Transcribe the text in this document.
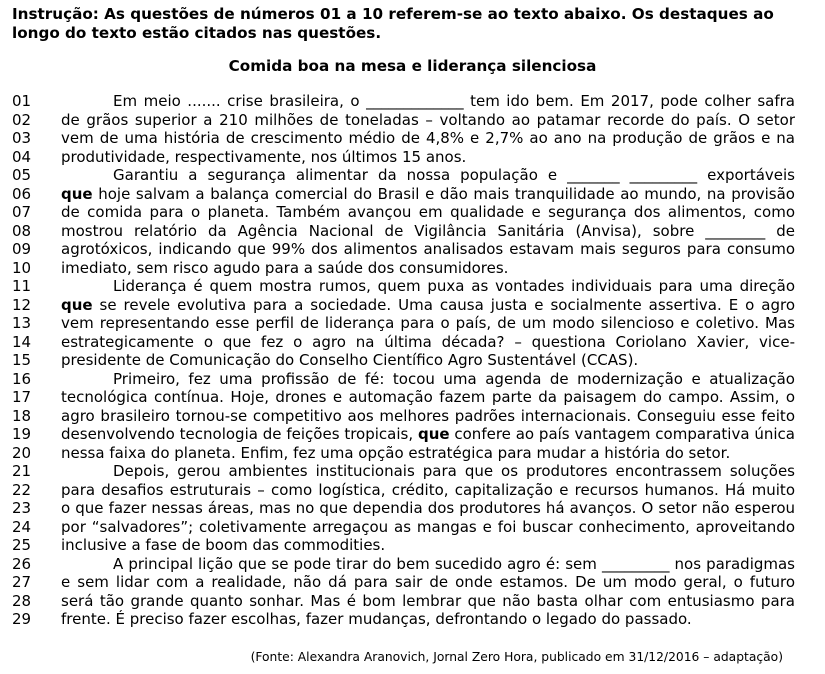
Instrução: As questões de números 01 a 10 referem-se ao texto abaixo. Os destaques ao longo do texto estão citados nas questões.
Comida boa na mesa e liderança silenciosa
01	Em meio ....... crise brasileira, o _____________ tem ido bem. Em 2017, pode colher safra
02	de grãos superior a 210 milhões de toneladas – voltando ao patamar recorde do país. O setor
03	vem de uma história de crescimento médio de 4,8% e 2,7% ao ano na produção de grãos e na
04	produtividade, respectivamente, nos últimos 15 anos.
05	Garantiu a segurança alimentar da nossa população e _______ _________ exportáveis
06	que hoje salvam a balança comercial do Brasil e dão mais tranquilidade ao mundo, na provisão
07	de comida para o planeta. Também avançou em qualidade e segurança dos alimentos, como
08	mostrou relatório da Agência Nacional de Vigilância Sanitária (Anvisa), sobre ________ de
09	agrotóxicos, indicando que 99% dos alimentos analisados estavam mais seguros para consumo
10	imediato, sem risco agudo para a saúde dos consumidores.
11	Liderança é quem mostra rumos, quem puxa as vontades individuais para uma direção
12	que se revele evolutiva para a sociedade. Uma causa justa e socialmente assertiva. E o agro
13	vem representando esse perfil de liderança para o país, de um modo silencioso e coletivo. Mas
14	estrategicamente o que fez o agro na última década? – questiona Coriolano Xavier, vice-
15	presidente de Comunicação do Conselho Científico Agro Sustentável (CCAS).
16	Primeiro, fez uma profissão de fé: tocou uma agenda de modernização e atualização
17	tecnológica contínua. Hoje, drones e automação fazem parte da paisagem do campo. Assim, o
18	agro brasileiro tornou-se competitivo aos melhores padrões internacionais. Conseguiu esse feito
19	desenvolvendo tecnologia de feições tropicais, que confere ao país vantagem comparativa única
20	nessa faixa do planeta. Enfim, fez uma opção estratégica para mudar a história do setor.
21	Depois, gerou ambientes institucionais para que os produtores encontrassem soluções
22	para desafios estruturais – como logística, crédito, capitalização e recursos humanos. Há muito
23	o que fazer nessas áreas, mas no que dependia dos produtores há avanços. O setor não esperou
24	por “salvadores”; coletivamente arregaçou as mangas e foi buscar conhecimento, aproveitando
25	inclusive a fase de boom das commodities.
26	A principal lição que se pode tirar do bem sucedido agro é: sem _________ nos paradigmas
27	e sem lidar com a realidade, não dá para sair de onde estamos. De um modo geral, o futuro
28	será tão grande quanto sonhar. Mas é bom lembrar que não basta olhar com entusiasmo para
29	frente. É preciso fazer escolhas, fazer mudanças, defrontando o legado do passado.
(Fonte: Alexandra Aranovich, Jornal Zero Hora, publicado em 31/12/2016 – adaptação)
